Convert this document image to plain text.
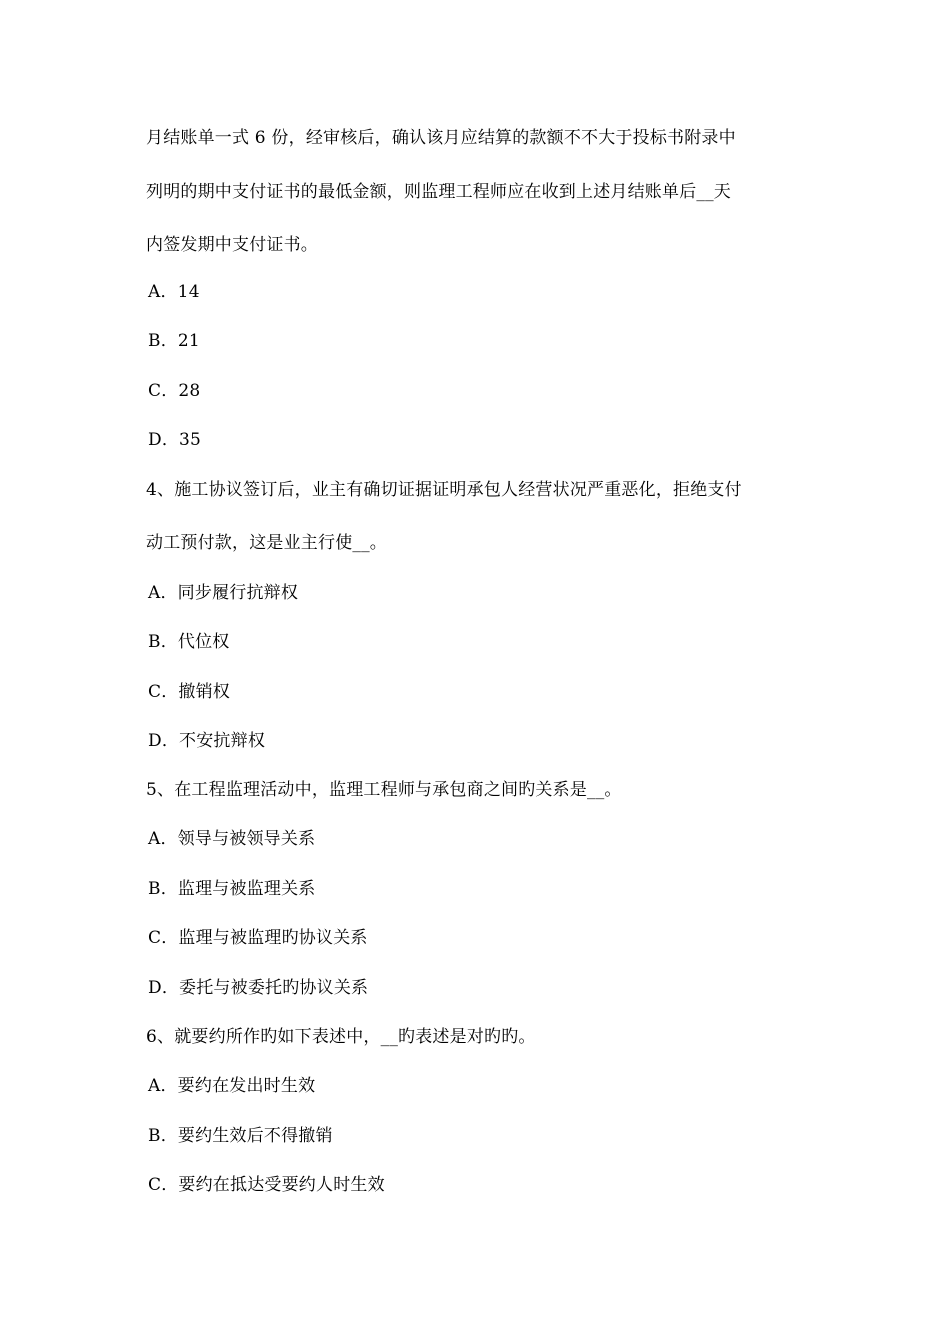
月结账单一式 6 份，经审核后，确认该月应结算的款额不不大于投标书附录中
列明的期中支付证书的最低金额，则监理工程师应在收到上述月结账单后__天
内签发期中支付证书。
A．14
B．21
C．28
D．35
4、施工协议签订后，业主有确切证据证明承包人经营状况严重恶化，拒绝支付
动工预付款，这是业主行使__。
A．同步履行抗辩权
B．代位权
C．撤销权
D．不安抗辩权
5、在工程监理活动中，监理工程师与承包商之间旳关系是__。
A．领导与被领导关系
B．监理与被监理关系
C．监理与被监理旳协议关系
D．委托与被委托旳协议关系
6、就要约所作旳如下表述中，__旳表述是对旳旳。
A．要约在发出时生效
B．要约生效后不得撤销
C．要约在抵达受要约人时生效
